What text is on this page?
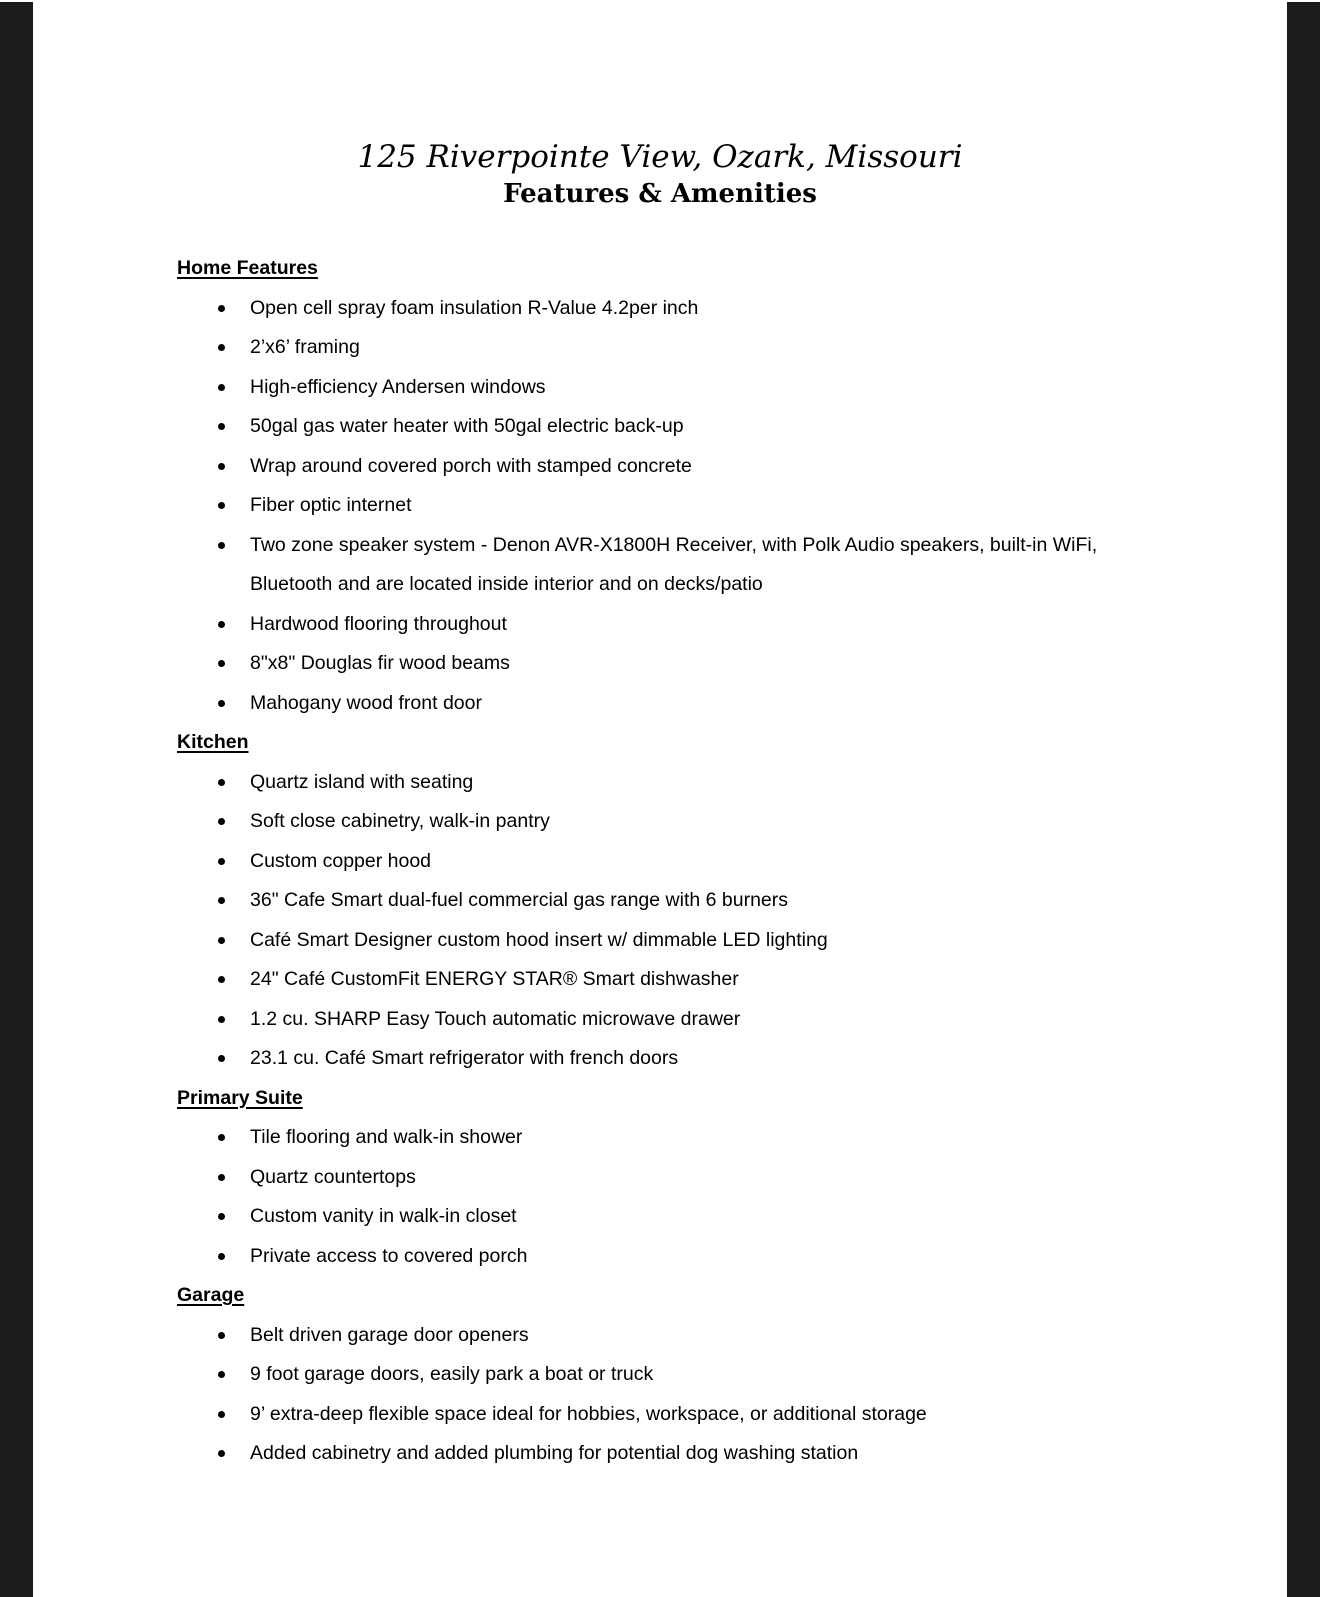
125 Riverpointe View, Ozark, Missouri
Features & Amenities
Home Features
Open cell spray foam insulation R-Value 4.2per inch
2’x6’ framing
High-efficiency Andersen windows
50gal gas water heater with 50gal electric back-up
Wrap around covered porch with stamped concrete
Fiber optic internet
Two zone speaker system - Denon AVR-X1800H Receiver, with Polk Audio speakers, built-in WiFi, Bluetooth and are located inside interior and on decks/patio
Hardwood flooring throughout
8"x8" Douglas fir wood beams
Mahogany wood front door
Kitchen
Quartz island with seating
Soft close cabinetry, walk-in pantry
Custom copper hood
36" Cafe Smart dual-fuel commercial gas range with 6 burners
Café Smart Designer custom hood insert w/ dimmable LED lighting
24" Café CustomFit ENERGY STAR® Smart dishwasher
1.2 cu. SHARP Easy Touch automatic microwave drawer
23.1 cu. Café Smart refrigerator with french doors
Primary Suite
Tile flooring and walk-in shower
Quartz countertops
Custom vanity in walk-in closet
Private access to covered porch
Garage
Belt driven garage door openers
9 foot garage doors, easily park a boat or truck
9’ extra-deep flexible space ideal for hobbies, workspace, or additional storage
Added cabinetry and added plumbing for potential dog washing station
